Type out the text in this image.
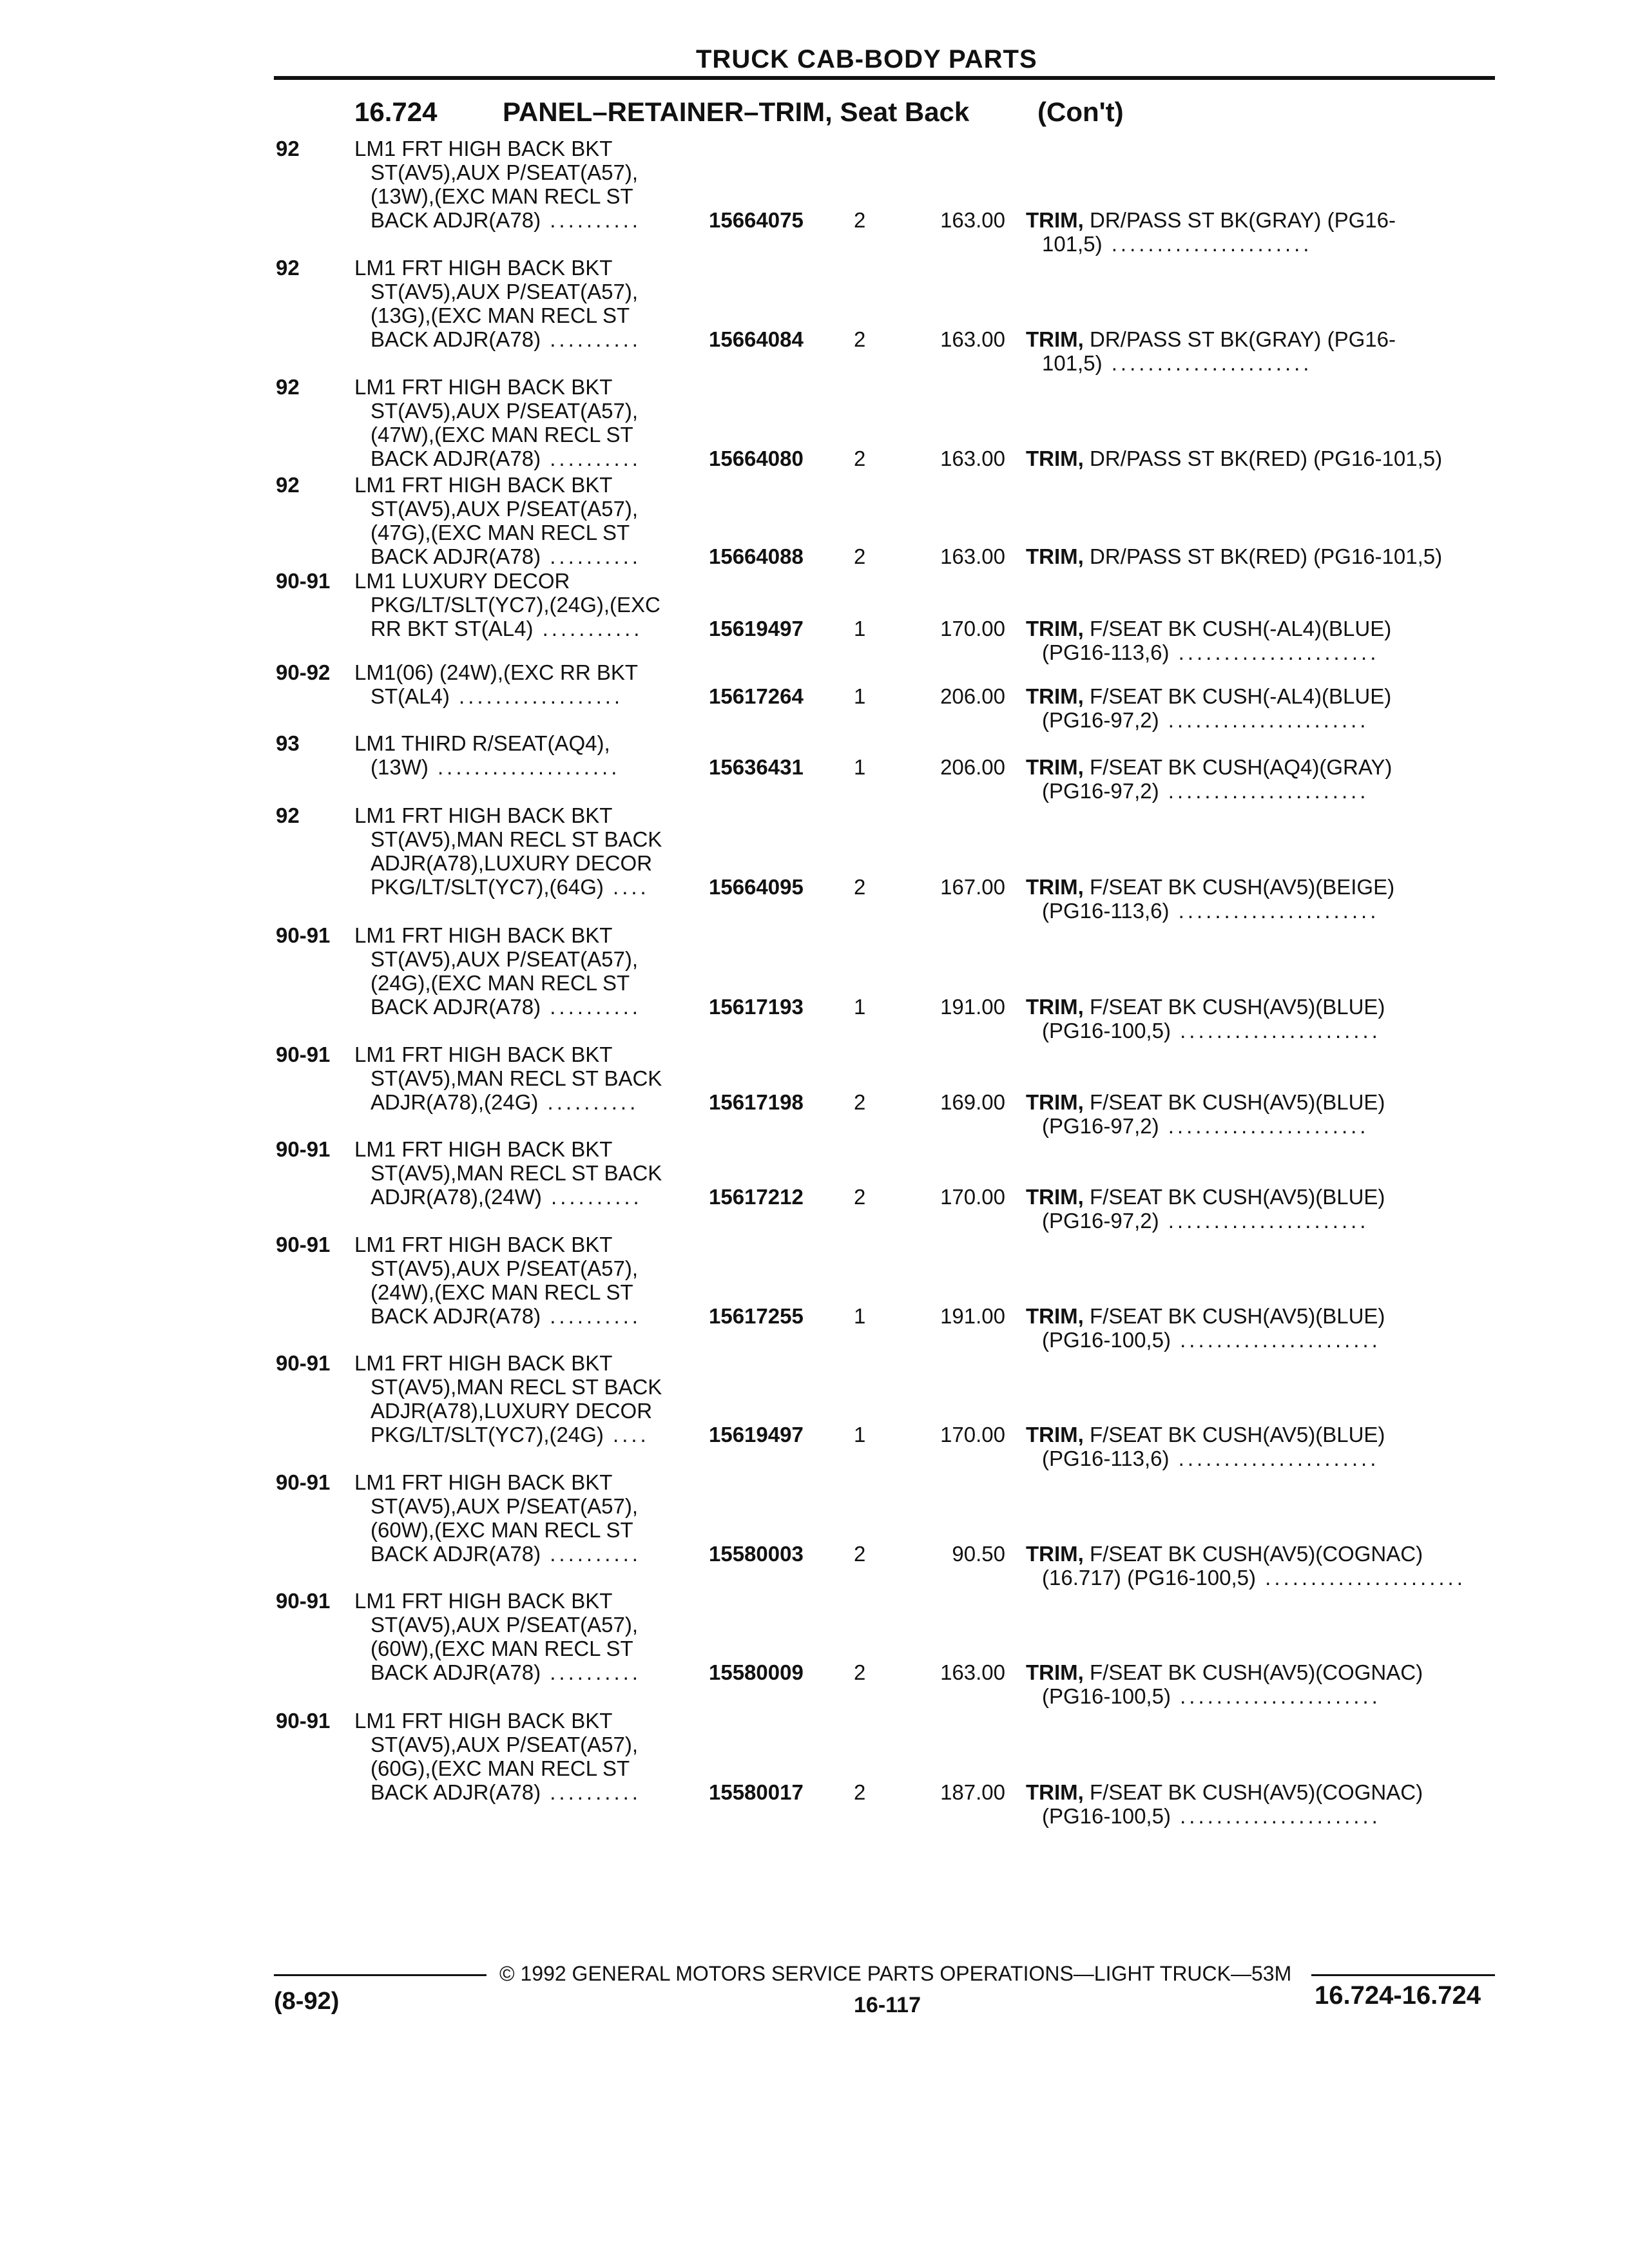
TRUCK CAB-BODY PARTS
16.724 PANEL–RETAINER–TRIM, Seat Back	(Con't)
92	LM1 FRT HIGH BACK BKT
ST(AV5),AUX P/SEAT(A57),
(13W),(EXC MAN RECL ST
BACK ADJR(A78) ..........	15664075 2	163.00 TRIM, DR/PASS ST BK(GRAY) (PG16-
101,5) ......................
92	LM1 FRT HIGH BACK BKT
ST(AV5),AUX P/SEAT(A57),
(13G),(EXC MAN RECL ST
BACK ADJR(A78) ..........	15664084 2	163.00 TRIM, DR/PASS ST BK(GRAY) (PG16-
101,5) ......................
92	LM1 FRT HIGH BACK BKT
ST(AV5),AUX P/SEAT(A57),
(47W),(EXC MAN RECL ST
BACK ADJR(A78) ..........	15664080 2	163.00 TRIM, DR/PASS ST BK(RED) (PG16-101,5)
92	LM1 FRT HIGH BACK BKT
ST(AV5),AUX P/SEAT(A57),
(47G),(EXC MAN RECL ST
BACK ADJR(A78) ..........	15664088 2	163.00 TRIM, DR/PASS ST BK(RED) (PG16-101,5)
90-91 LM1 LUXURY DECOR
PKG/LT/SLT(YC7),(24G),(EXC
RR BKT ST(AL4) ...........	15619497 1	170.00 TRIM, F/SEAT BK CUSH(-AL4)(BLUE)
(PG16-113,6) ......................
90-92 LM1(06) (24W),(EXC RR BKT
ST(AL4) ..................	15617264 1	206.00 TRIM, F/SEAT BK CUSH(-AL4)(BLUE)
(PG16-97,2) ......................
93	LM1 THIRD R/SEAT(AQ4),
(13W) ....................	15636431 1	206.00 TRIM, F/SEAT BK CUSH(AQ4)(GRAY)
(PG16-97,2) ......................
92	LM1 FRT HIGH BACK BKT
ST(AV5),MAN RECL ST BACK
ADJR(A78),LUXURY DECOR
PKG/LT/SLT(YC7),(64G) ....	15664095 2	167.00 TRIM, F/SEAT BK CUSH(AV5)(BEIGE)
(PG16-113,6) ......................
90-91 LM1 FRT HIGH BACK BKT
ST(AV5),AUX P/SEAT(A57),
(24G),(EXC MAN RECL ST
BACK ADJR(A78) ..........	15617193 1	191.00 TRIM, F/SEAT BK CUSH(AV5)(BLUE)
(PG16-100,5) ......................
90-91 LM1 FRT HIGH BACK BKT
ST(AV5),MAN RECL ST BACK
ADJR(A78),(24G) ..........	15617198 2	169.00 TRIM, F/SEAT BK CUSH(AV5)(BLUE)
(PG16-97,2) ......................
90-91 LM1 FRT HIGH BACK BKT
ST(AV5),MAN RECL ST BACK
ADJR(A78),(24W) ..........	15617212 2	170.00 TRIM, F/SEAT BK CUSH(AV5)(BLUE)
(PG16-97,2) ......................
90-91 LM1 FRT HIGH BACK BKT
ST(AV5),AUX P/SEAT(A57),
(24W),(EXC MAN RECL ST
BACK ADJR(A78) ..........	15617255 1	191.00 TRIM, F/SEAT BK CUSH(AV5)(BLUE)
(PG16-100,5) ......................
90-91 LM1 FRT HIGH BACK BKT
ST(AV5),MAN RECL ST BACK
ADJR(A78),LUXURY DECOR
PKG/LT/SLT(YC7),(24G) ....	15619497 1	170.00 TRIM, F/SEAT BK CUSH(AV5)(BLUE)
(PG16-113,6) ......................
90-91 LM1 FRT HIGH BACK BKT
ST(AV5),AUX P/SEAT(A57),
(60W),(EXC MAN RECL ST
BACK ADJR(A78) ..........	15580003 2	90.50 TRIM, F/SEAT BK CUSH(AV5)(COGNAC)
(16.717) (PG16-100,5) ......................
90-91 LM1 FRT HIGH BACK BKT
ST(AV5),AUX P/SEAT(A57),
(60W),(EXC MAN RECL ST
BACK ADJR(A78) ..........	15580009 2	163.00 TRIM, F/SEAT BK CUSH(AV5)(COGNAC)
(PG16-100,5) ......................
90-91 LM1 FRT HIGH BACK BKT
ST(AV5),AUX P/SEAT(A57),
(60G),(EXC MAN RECL ST
BACK ADJR(A78) ..........	15580017 2	187.00 TRIM, F/SEAT BK CUSH(AV5)(COGNAC)
(PG16-100,5) ......................
© 1992 GENERAL MOTORS SERVICE PARTS OPERATIONS—LIGHT TRUCK—53M
(8-92)	16-117	16.724-16.724
